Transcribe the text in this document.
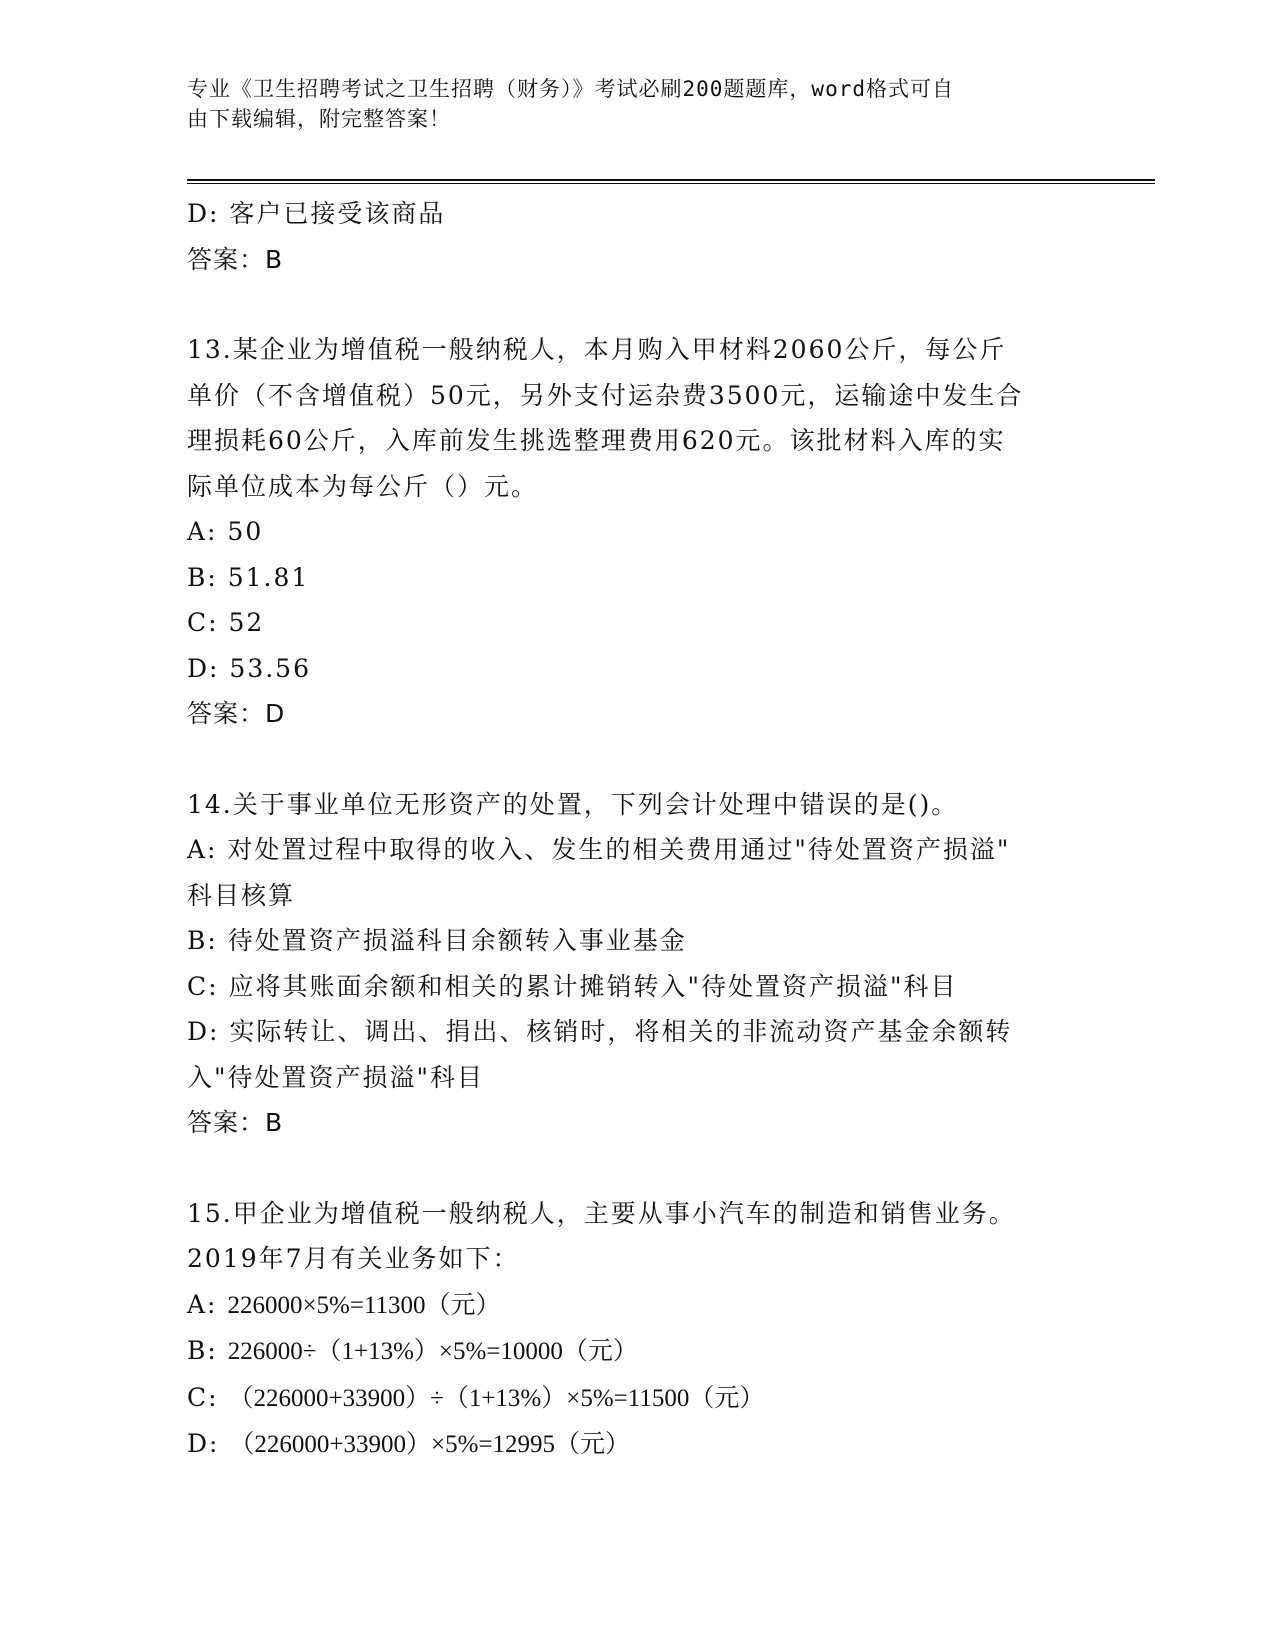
专业《卫生招聘考试之卫生招聘（财务）》考试必刷200题题库，word格式可自
由下载编辑，附完整答案！

D: 客户已接受该商品

答案：B

13.某企业为增值税一般纳税人，本月购入甲材料2060公斤，每公斤

单价（不含增值税）50元，另外支付运杂费3500元，运输途中发生合

理损耗60公斤，入库前发生挑选整理费用620元。该批材料入库的实

际单位成本为每公斤（）元。

A: 50

B: 51.81

C: 52

D: 53.56

答案：D

14.关于事业单位无形资产的处置，下列会计处理中错误的是()。

A: 对处置过程中取得的收入、发生的相关费用通过"待处置资产损溢"

科目核算

B: 待处置资产损溢科目余额转入事业基金

C: 应将其账面余额和相关的累计摊销转入"待处置资产损溢"科目

D: 实际转让、调出、捐出、核销时，将相关的非流动资产基金余额转

入"待处置资产损溢"科目

答案：B

15.甲企业为增值税一般纳税人，主要从事小汽车的制造和销售业务。

2019年7月有关业务如下：

A: 226000×5%=11300（元）

B: 226000÷（1+13%）×5%=10000（元）

C: （226000+33900）÷（1+13%）×5%=11500（元）

D: （226000+33900）×5%=12995（元）
